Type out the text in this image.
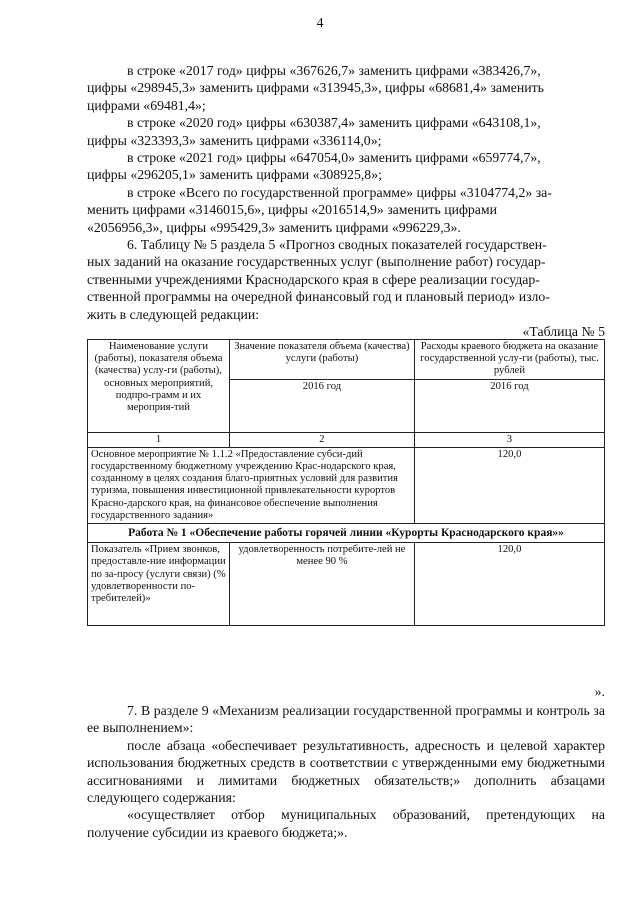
4

в строке «2017 год» цифры «367626,7» заменить цифрами «383426,7»,

цифры «298945,3» заменить цифрами «313945,3», цифры «68681,4» заменить

цифрами «69481,4»;

в строке «2020 год» цифры «630387,4» заменить цифрами «643108,1»,

цифры «323393,3» заменить цифрами «336114,0»;

в строке «2021 год» цифры «647054,0» заменить цифрами «659774,7»,

цифры «296205,1» заменить цифрами «308925,8»;

в строке «Всего по государственной программе» цифры «3104774,2» за-

менить цифрами «3146015,6», цифры «2016514,9» заменить цифрами

«2056956,3», цифры «995429,3» заменить цифрами «996229,3».

6. Таблицу № 5 раздела 5 «Прогноз сводных показателей государствен-

ных заданий на оказание государственных услуг (выполнение работ) государ-

ственными учреждениями Краснодарского края в сфере реализации государ-

ственной программы на очередной финансовый год и плановый период» изло-

жить в следующей редакции:

«Таблица № 5
Наименование услуги (работы), показателя объема (качества) услу-ги (работы), основных мероприятий, подпро-грамм и их мероприя-тий	Значение показателя объема (качества) услуги (работы)	Расходы краевого бюджета на оказание государственной услу-ги (работы), тыс. рублей
	2016 год	2016 год
1	2	3

Основное мероприятие № 1.1.2 «Предоставление субси-дий государственному бюджетному учреждению Крас-нодарского края, созданному в целях создания благо-приятных условий для развития туризма, повышения инвестиционной привлекательности курортов Красно-дарского края, на финансовое обеспечение выполнения государственного задания»		120,0
Работа № 1 «Обеспечение работы горячей линии «Курорты Краснодарского края»»		
Показатель «Прием звонков, предоставле-ние информации по за-просу (услуги связи) (% удовлетворенности по-требителей)»	удовлетворенность потребите-лей не менее 90 %	120,0
».

7. В разделе 9 «Механизм реализации государственной программы и контроль за ее выполнением»:

после абзаца «обеспечивает результативность, адресность и целевой характер использования бюджетных средств в соответствии с утвержденными ему бюджетными ассигнованиями и лимитами бюджетных обязательств;» дополнить абзацами следующего содержания:

«осуществляет отбор муниципальных образований, претендующих на получение субсидии из краевого бюджета;».
